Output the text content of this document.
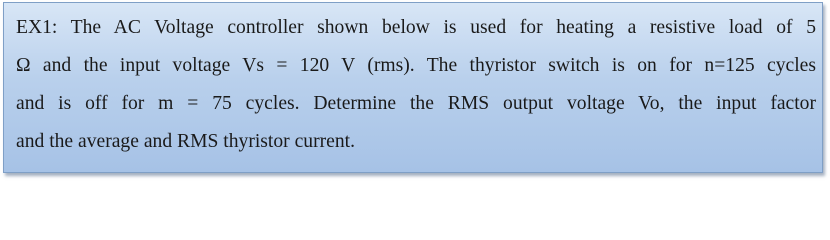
EX1: The AC Voltage controller shown below is used for heating a resistive load of 5
Ω and the input voltage Vs = 120 V (rms). The thyristor switch is on for n=125 cycles
and is off for m = 75 cycles. Determine the RMS output voltage Vo, the input factor
and the average and RMS thyristor current.
